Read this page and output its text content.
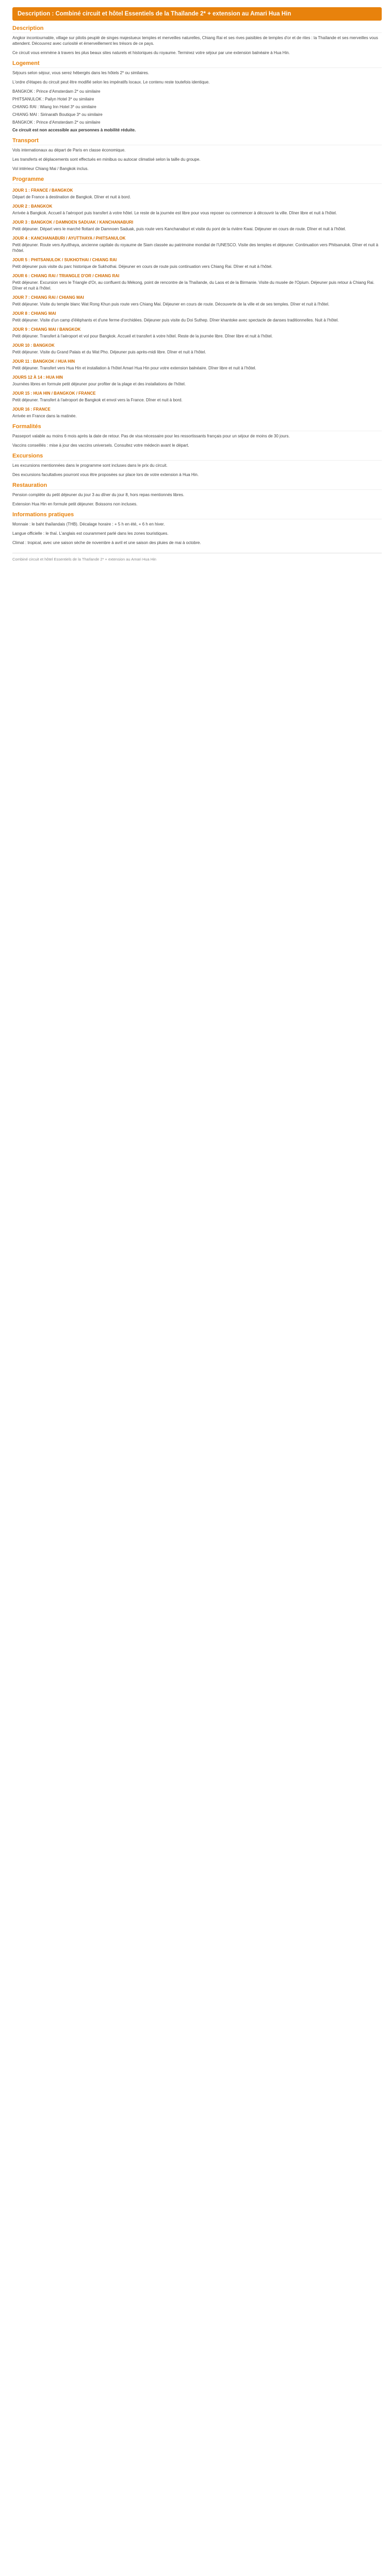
Description : Combiné circuit et hôtel Essentiels de la Thaïlande 2* + extension au Amari Hua Hin
Description

Angkor incontournable, village sur pilotis peuplé de singes majestueux temples et merveilles naturelles, Chiang Rai et ses rives paisibles de temples d'or et de rites : la Thaïlande et ses merveilles vous attendent. Découvrez avec curiosité et émerveillement les trésors de ce pays.

Ce circuit vous emmène à travers les plus beaux sites naturels et historiques du royaume. Terminez votre séjour par une extension balnéaire à Hua Hin.

Logement

Séjours selon séjour, vous serez hébergés dans les hôtels 2* ou similaires.

L'ordre d'étapes du circuit peut être modifié selon les impératifs locaux. Le contenu reste toutefois identique.

BANGKOK : Prince d'Amsterdam 2* ou similaire

PHITSANULOK : Pailyn Hotel 3* ou similaire

CHIANG RAI : Wiang Inn Hotel 3* ou similaire

CHIANG MAI : Sirinarath Boutique 3* ou similaire

BANGKOK : Prince d'Amsterdam 2* ou similaire

Ce circuit est non accessible aux personnes à mobilité réduite.

Transport

Vols internationaux au départ de Paris en classe économique.

Les transferts et déplacements sont effectués en minibus ou autocar climatisé selon la taille du groupe.

Vol intérieur Chiang Mai / Bangkok inclus.

Programme
JOUR 1 : FRANCE / BANGKOK

Départ de France à destination de Bangkok. Dîner et nuit à bord.

JOUR 2 : BANGKOK

Arrivée à Bangkok. Accueil à l'aéroport puis transfert à votre hôtel. Le reste de la journée est libre pour vous reposer ou commencer à découvrir la ville. Dîner libre et nuit à l'hôtel.

JOUR 3 : BANGKOK / DAMNOEN SADUAK / KANCHANABURI

Petit déjeuner. Départ vers le marché flottant de Damnoen Saduak, puis route vers Kanchanaburi et visite du pont de la rivière Kwai. Déjeuner en cours de route. Dîner et nuit à l'hôtel.

JOUR 4 : KANCHANABURI / AYUTTHAYA / PHITSANULOK

Petit déjeuner. Route vers Ayutthaya, ancienne capitale du royaume de Siam classée au patrimoine mondial de l'UNESCO. Visite des temples et déjeuner. Continuation vers Phitsanulok. Dîner et nuit à l'hôtel.

JOUR 5 : PHITSANULOK / SUKHOTHAI / CHIANG RAI

Petit déjeuner puis visite du parc historique de Sukhothai. Déjeuner en cours de route puis continuation vers Chiang Rai. Dîner et nuit à l'hôtel.

JOUR 6 : CHIANG RAI / TRIANGLE D'OR / CHIANG RAI

Petit déjeuner. Excursion vers le Triangle d'Or, au confluent du Mékong, point de rencontre de la Thaïlande, du Laos et de la Birmanie. Visite du musée de l'Opium. Déjeuner puis retour à Chiang Rai. Dîner et nuit à l'hôtel.

JOUR 7 : CHIANG RAI / CHIANG MAI

Petit déjeuner. Visite du temple blanc Wat Rong Khun puis route vers Chiang Mai. Déjeuner en cours de route. Découverte de la ville et de ses temples. Dîner et nuit à l'hôtel.

JOUR 8 : CHIANG MAI

Petit déjeuner. Visite d'un camp d'éléphants et d'une ferme d'orchidées. Déjeuner puis visite du Doi Suthep. Dîner khantoke avec spectacle de danses traditionnelles. Nuit à l'hôtel.

JOUR 9 : CHIANG MAI / BANGKOK

Petit déjeuner. Transfert à l'aéroport et vol pour Bangkok. Accueil et transfert à votre hôtel. Reste de la journée libre. Dîner libre et nuit à l'hôtel.

JOUR 10 : BANGKOK

Petit déjeuner. Visite du Grand Palais et du Wat Pho. Déjeuner puis après-midi libre. Dîner et nuit à l'hôtel.

JOUR 11 : BANGKOK / HUA HIN

Petit déjeuner. Transfert vers Hua Hin et installation à l'hôtel Amari Hua Hin pour votre extension balnéaire. Dîner libre et nuit à l'hôtel.

JOURS 12 À 14 : HUA HIN

Journées libres en formule petit déjeuner pour profiter de la plage et des installations de l'hôtel.

JOUR 15 : HUA HIN / BANGKOK / FRANCE

Petit déjeuner. Transfert à l'aéroport de Bangkok et envol vers la France. Dîner et nuit à bord.

JOUR 16 : FRANCE

Arrivée en France dans la matinée.

Formalités

Passeport valable au moins 6 mois après la date de retour. Pas de visa nécessaire pour les ressortissants français pour un séjour de moins de 30 jours.

Vaccins conseillés : mise à jour des vaccins universels. Consultez votre médecin avant le départ.

Excursions

Les excursions mentionnées dans le programme sont incluses dans le prix du circuit.

Des excursions facultatives pourront vous être proposées sur place lors de votre extension à Hua Hin.

Restauration

Pension complète du petit déjeuner du jour 3 au dîner du jour 8, hors repas mentionnés libres.

Extension Hua Hin en formule petit déjeuner. Boissons non incluses.

Informations pratiques

Monnaie : le baht thaïlandais (THB). Décalage horaire : + 5 h en été, + 6 h en hiver.

Langue officielle : le thaï. L'anglais est couramment parlé dans les zones touristiques.

Climat : tropical, avec une saison sèche de novembre à avril et une saison des pluies de mai à octobre.

Combiné circuit et hôtel Essentiels de la Thaïlande 2* + extension au Amari Hua Hin
